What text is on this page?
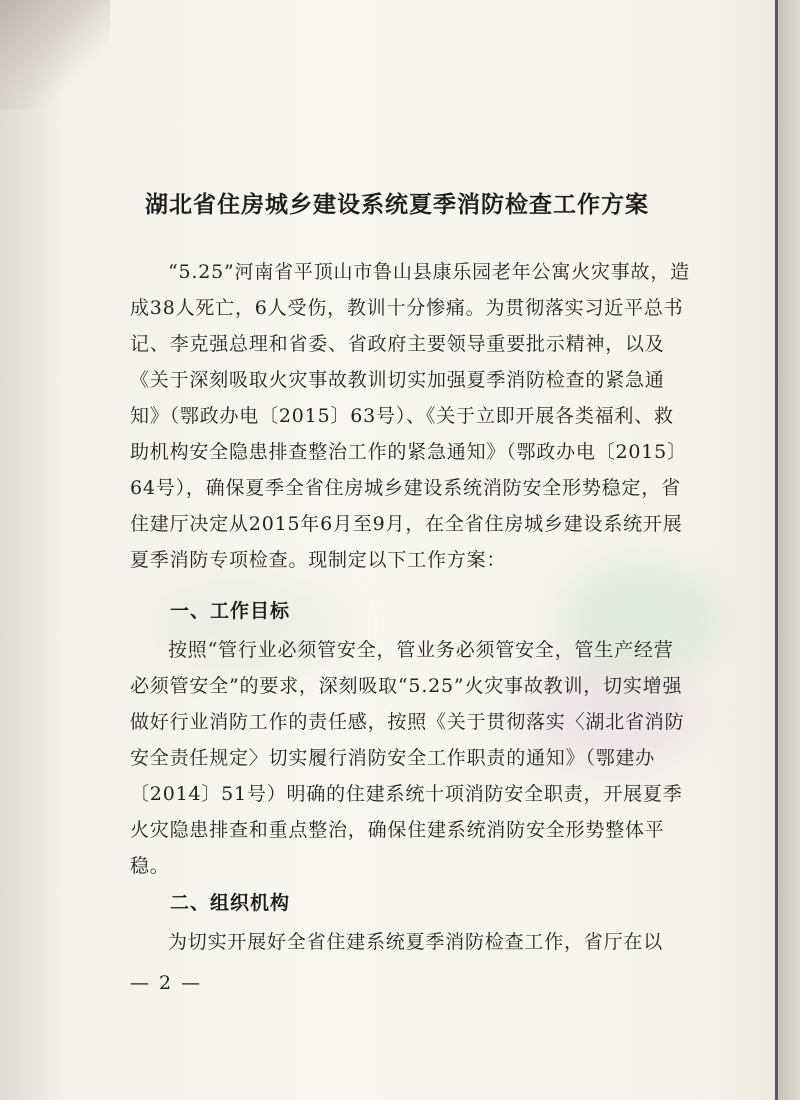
湖北省住房城乡建设系统夏季消防检查工作方案

“5.25”河南省平顶山市鲁山县康乐园老年公寓火灾事故，造成38人死亡，6人受伤，教训十分惨痛。为贯彻落实习近平总书记、李克强总理和省委、省政府主要领导重要批示精神，以及《关于深刻吸取火灾事故教训切实加强夏季消防检查的紧急通知》（鄂政办电〔2015〕63号）、《关于立即开展各类福利、救助机构安全隐患排查整治工作的紧急通知》（鄂政办电〔2015〕64号），确保夏季全省住房城乡建设系统消防安全形势稳定，省住建厅决定从2015年6月至9月，在全省住房城乡建设系统开展夏季消防专项检查。现制定以下工作方案：

一、工作目标

按照“管行业必须管安全，管业务必须管安全，管生产经营必须管安全”的要求，深刻吸取“5.25”火灾事故教训，切实增强做好行业消防工作的责任感，按照《关于贯彻落实〈湖北省消防安全责任规定〉切实履行消防安全工作职责的通知》（鄂建办〔2014〕51号）明确的住建系统十项消防安全职责，开展夏季火灾隐患排查和重点整治，确保住建系统消防安全形势整体平稳。

二、组织机构

为切实开展好全省住建系统夏季消防检查工作，省厅在以

— 2 —
